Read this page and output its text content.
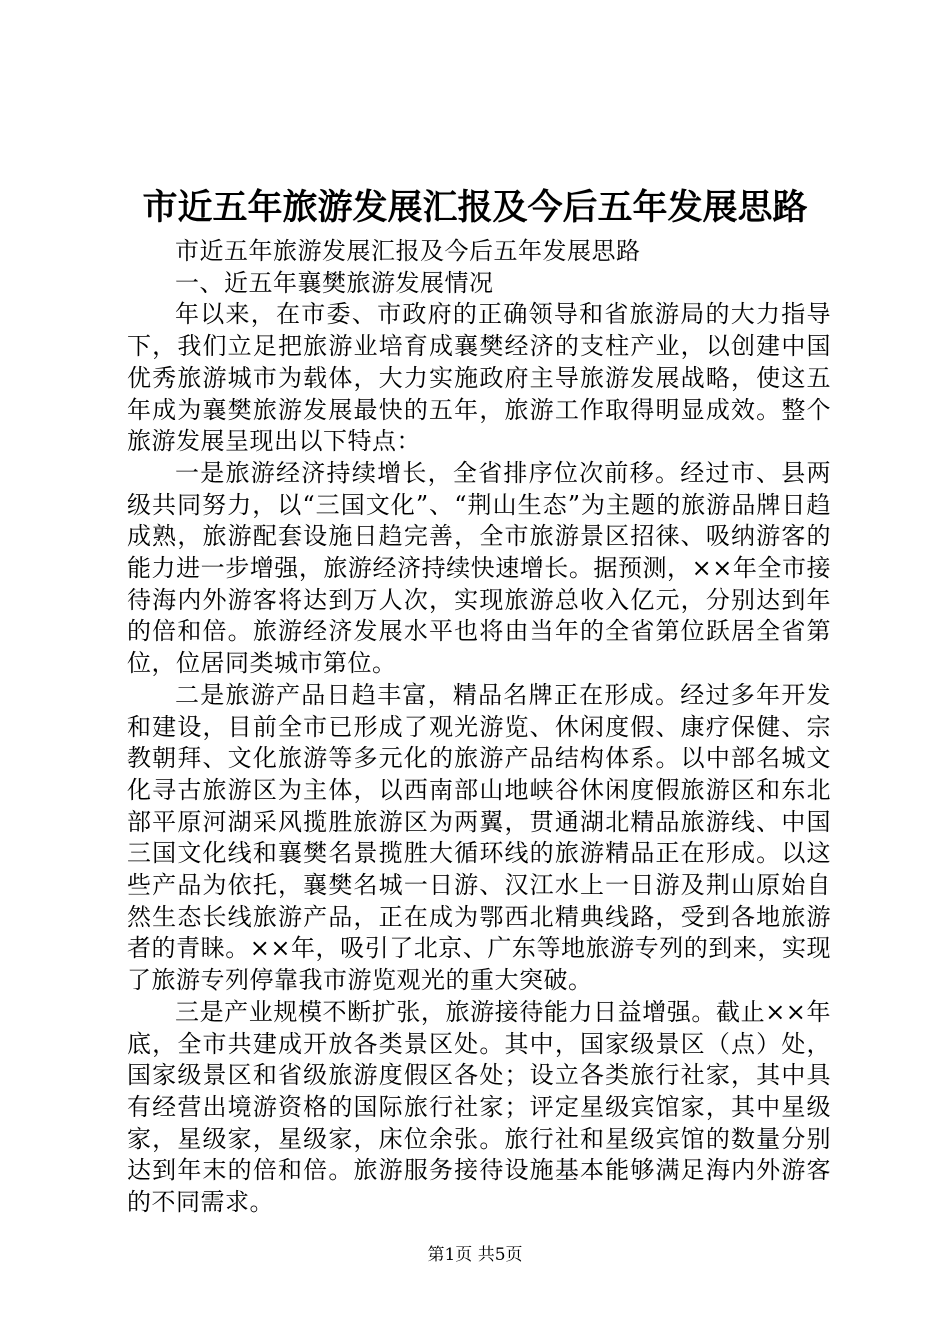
市近五年旅游发展汇报及今后五年发展思路

市近五年旅游发展汇报及今后五年发展思路

一、近五年襄樊旅游发展情况

年以来，在市委、市政府的正确领导和省旅游局的大力指导下，我们立足把旅游业培育成襄樊经济的支柱产业，以创建中国优秀旅游城市为载体，大力实施政府主导旅游发展战略，使这五年成为襄樊旅游发展最快的五年，旅游工作取得明显成效。整个旅游发展呈现出以下特点：

一是旅游经济持续增长，全省排序位次前移。经过市、县两级共同努力，以“三国文化”、“荆山生态”为主题的旅游品牌日趋成熟，旅游配套设施日趋完善，全市旅游景区招徕、吸纳游客的能力进一步增强，旅游经济持续快速增长。据预测，××年全市接待海内外游客将达到万人次，实现旅游总收入亿元，分别达到年的倍和倍。旅游经济发展水平也将由当年的全省第位跃居全省第位，位居同类城市第位。

二是旅游产品日趋丰富，精品名牌正在形成。经过多年开发和建设，目前全市已形成了观光游览、休闲度假、康疗保健、宗教朝拜、文化旅游等多元化的旅游产品结构体系。以中部名城文化寻古旅游区为主体，以西南部山地峡谷休闲度假旅游区和东北部平原河湖采风揽胜旅游区为两翼，贯通湖北精品旅游线、中国三国文化线和襄樊名景揽胜大循环线的旅游精品正在形成。以这些产品为依托，襄樊名城一日游、汉江水上一日游及荆山原始自然生态长线旅游产品，正在成为鄂西北精典线路，受到各地旅游者的青睐。××年，吸引了北京、广东等地旅游专列的到来，实现了旅游专列停靠我市游览观光的重大突破。

三是产业规模不断扩张，旅游接待能力日益增强。截止××年底，全市共建成开放各类景区处。其中，国家级景区（点）处，国家级景区和省级旅游度假区各处；设立各类旅行社家，其中具有经营出境游资格的国际旅行社家；评定星级宾馆家，其中星级家，星级家，星级家，床位余张。旅行社和星级宾馆的数量分别达到年末的倍和倍。旅游服务接待设施基本能够满足海内外游客的不同需求。

第1页 共5页
